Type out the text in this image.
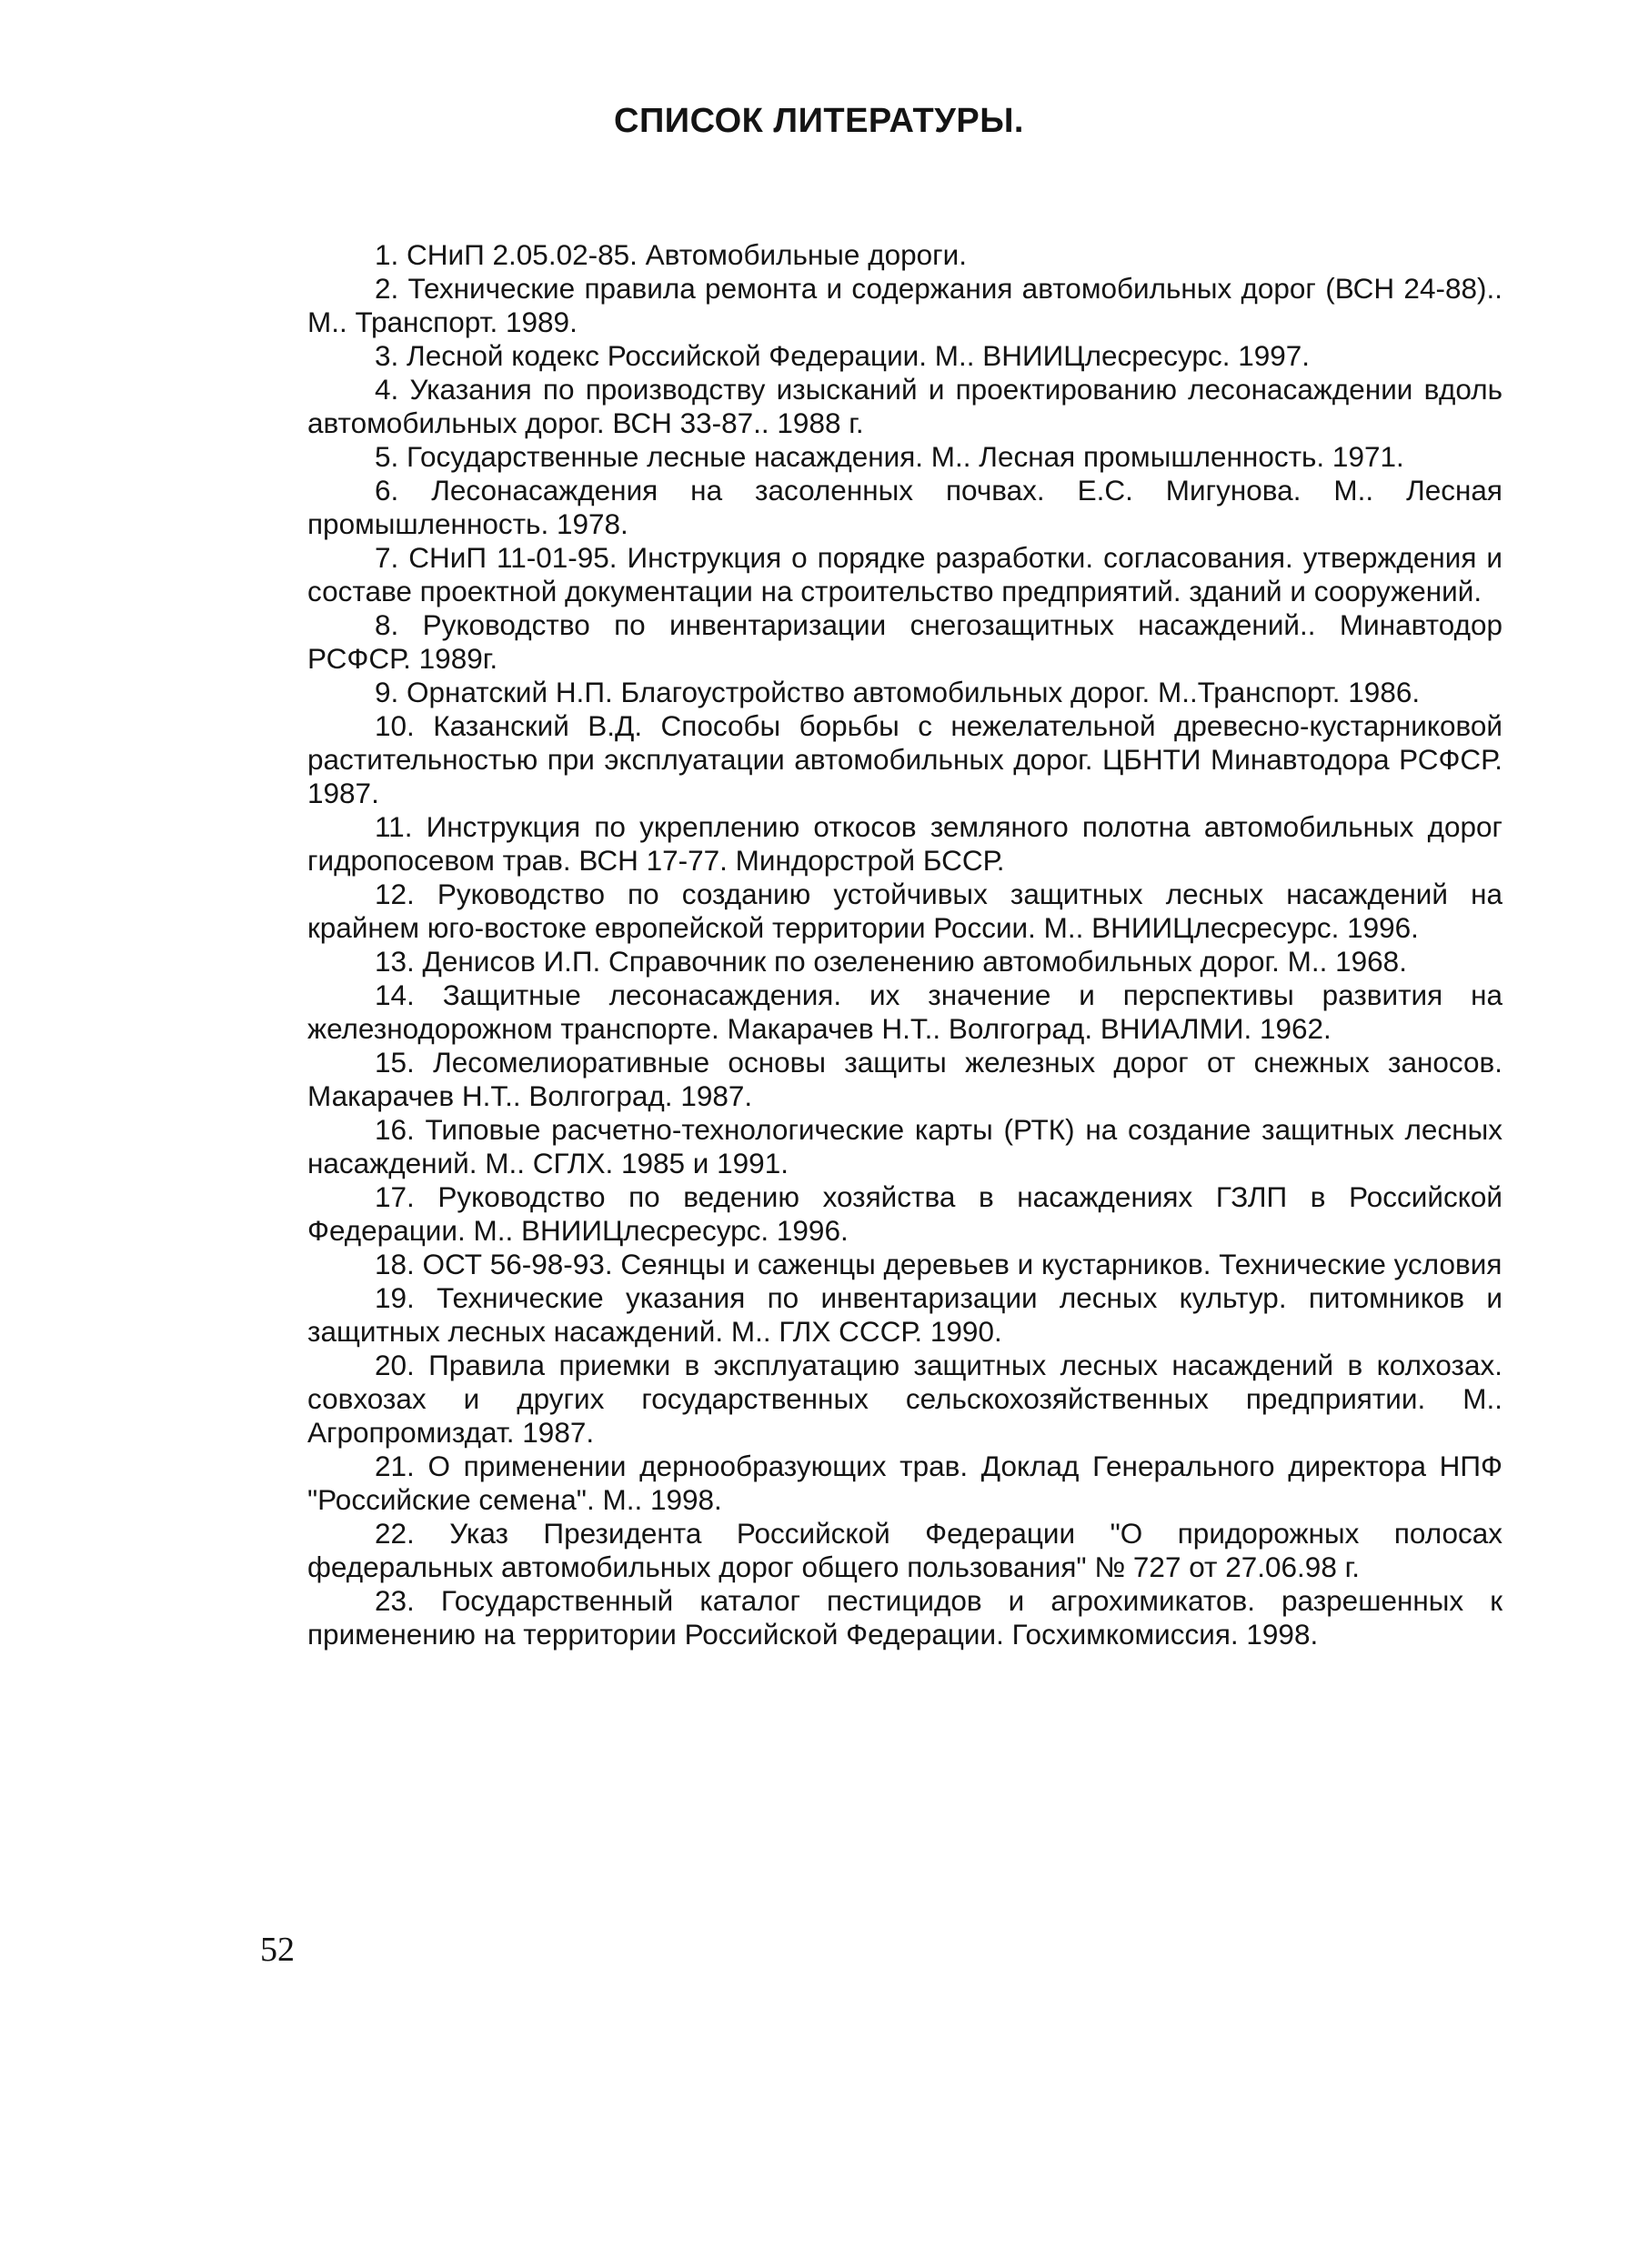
СПИСОК ЛИТЕРАТУРЫ.

1. СНиП 2.05.02-85. Автомобильные дороги.

2. Технические правила ремонта и содержания автомобильных дорог (ВСН 24-88).. М.. Транспорт. 1989.

3. Лесной кодекс Российской Федерации. М.. ВНИИЦлесресурс. 1997.

4. Указания по производству изысканий и проектированию лесонасаждении вдоль автомобильных дорог. ВСН 33-87.. 1988 г.

5. Государственные лесные насаждения. М.. Лесная промышленность. 1971.

6. Лесонасаждения на засоленных почвах. Е.С. Мигунова. М.. Лесная промышленность. 1978.

7. СНиП 11-01-95. Инструкция о порядке разработки. согласования. утверждения и составе проектной документации на строительство предприятий. зданий и сооружений.

8. Руководство по инвентаризации снегозащитных насаждений.. Минавтодор РСФСР. 1989г.

9. Орнатский Н.П. Благоустройство автомобильных дорог. М..Транспорт. 1986.

10. Казанский В.Д. Способы борьбы с нежелательной древесно-кустарниковой растительностью при эксплуатации автомобильных дорог. ЦБНТИ Минавтодора РСФСР. 1987.

11. Инструкция по укреплению откосов земляного полотна автомобильных дорог гидропосевом трав. ВСН 17-77. Миндорстрой БССР.

12. Руководство по созданию устойчивых защитных лесных насаждений на крайнем юго-востоке европейской территории России. М.. ВНИИЦлесресурс. 1996.

13. Денисов И.П. Справочник по озеленению автомобильных дорог. М.. 1968.

14. Защитные лесонасаждения. их значение и перспективы развития на железнодорожном транспорте. Макарачев Н.Т.. Волгоград. ВНИАЛМИ. 1962.

15. Лесомелиоративные основы защиты железных дорог от снежных заносов. Макарачев Н.Т.. Волгоград. 1987.

16. Типовые расчетно-технологические карты (РТК) на создание защитных лесных насаждений. М.. СГЛХ. 1985 и 1991.

17. Руководство по ведению хозяйства в насаждениях ГЗЛП в Российской Федерации. М.. ВНИИЦлесресурс. 1996.

18. ОСТ 56-98-93. Сеянцы и саженцы деревьев и кустарников. Технические условия

19. Технические указания по инвентаризации лесных культур. питомников и защитных лесных насаждений. М.. ГЛХ СССР. 1990.

20. Правила приемки в эксплуатацию защитных лесных насаждений в колхозах. совхозах и других государственных сельскохозяйственных предприятии. М.. Агропромиздат. 1987.

21. О применении дернообразующих трав. Доклад Генерального директора НПФ "Российские семена". М.. 1998.

22. Указ Президента Российской Федерации "О придорожных полосах федеральных автомобильных дорог общего пользования" № 727 от 27.06.98 г.

23. Государственный каталог пестицидов и агрохимикатов. разрешенных к применению на территории Российской Федерации. Госхимкомиссия. 1998.

52
